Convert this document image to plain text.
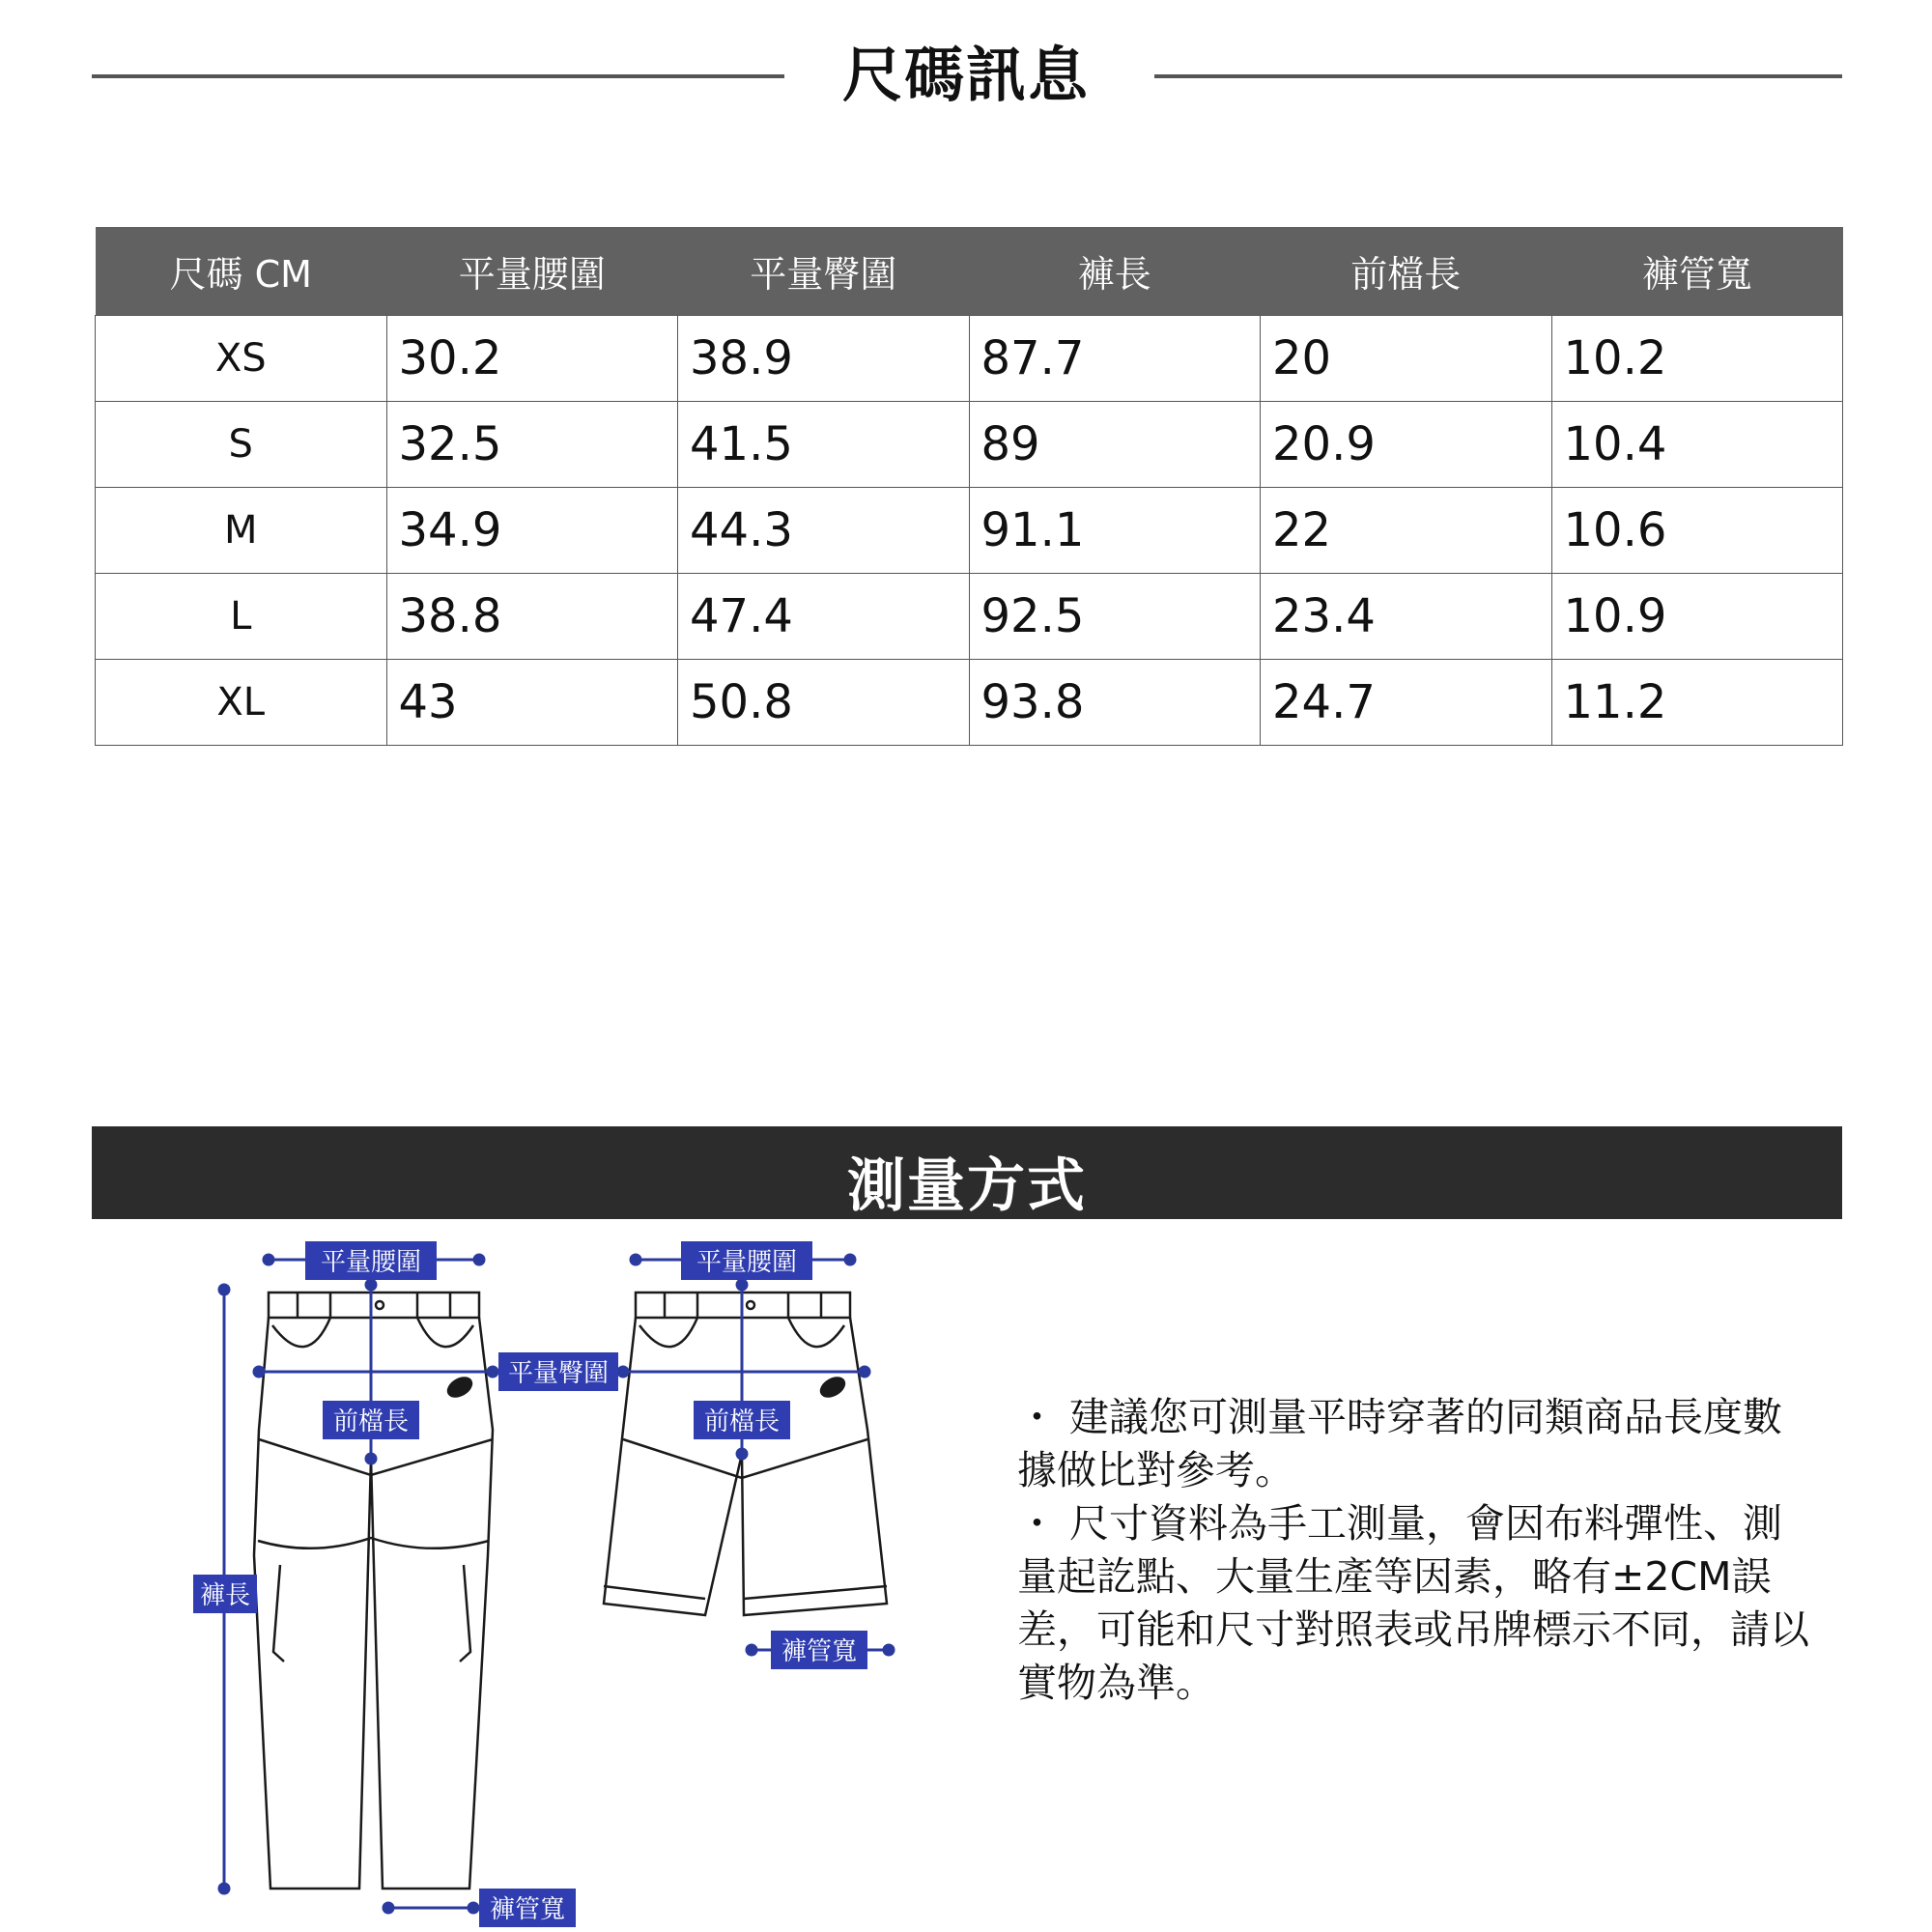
尺碼訊息
尺碼 CM	平量腰圍	平量臀圍	褲長	前檔長	褲管寬
XS	30.2	38.9	87.7	20	10.2
S	32.5	41.5	89	20.9	10.4
M	34.9	44.3	91.1	22	10.6
L	38.8	47.4	92.5	23.4	10.9
XL	43	50.8	93.8	24.7	11.2
測量方式
平量腰圍
平量臀圍
前檔長
褲長
褲管寬
平量腰圍
前檔長
褲管寬

・ 建議您可測量平時穿著的同類商品長度數據做比對參考。

・ 尺寸資料為手工測量，會因布料彈性、測量起訖點、大量生產等因素，略有±2CM誤差，可能和尺寸對照表或吊牌標示不同，請以實物為準。
